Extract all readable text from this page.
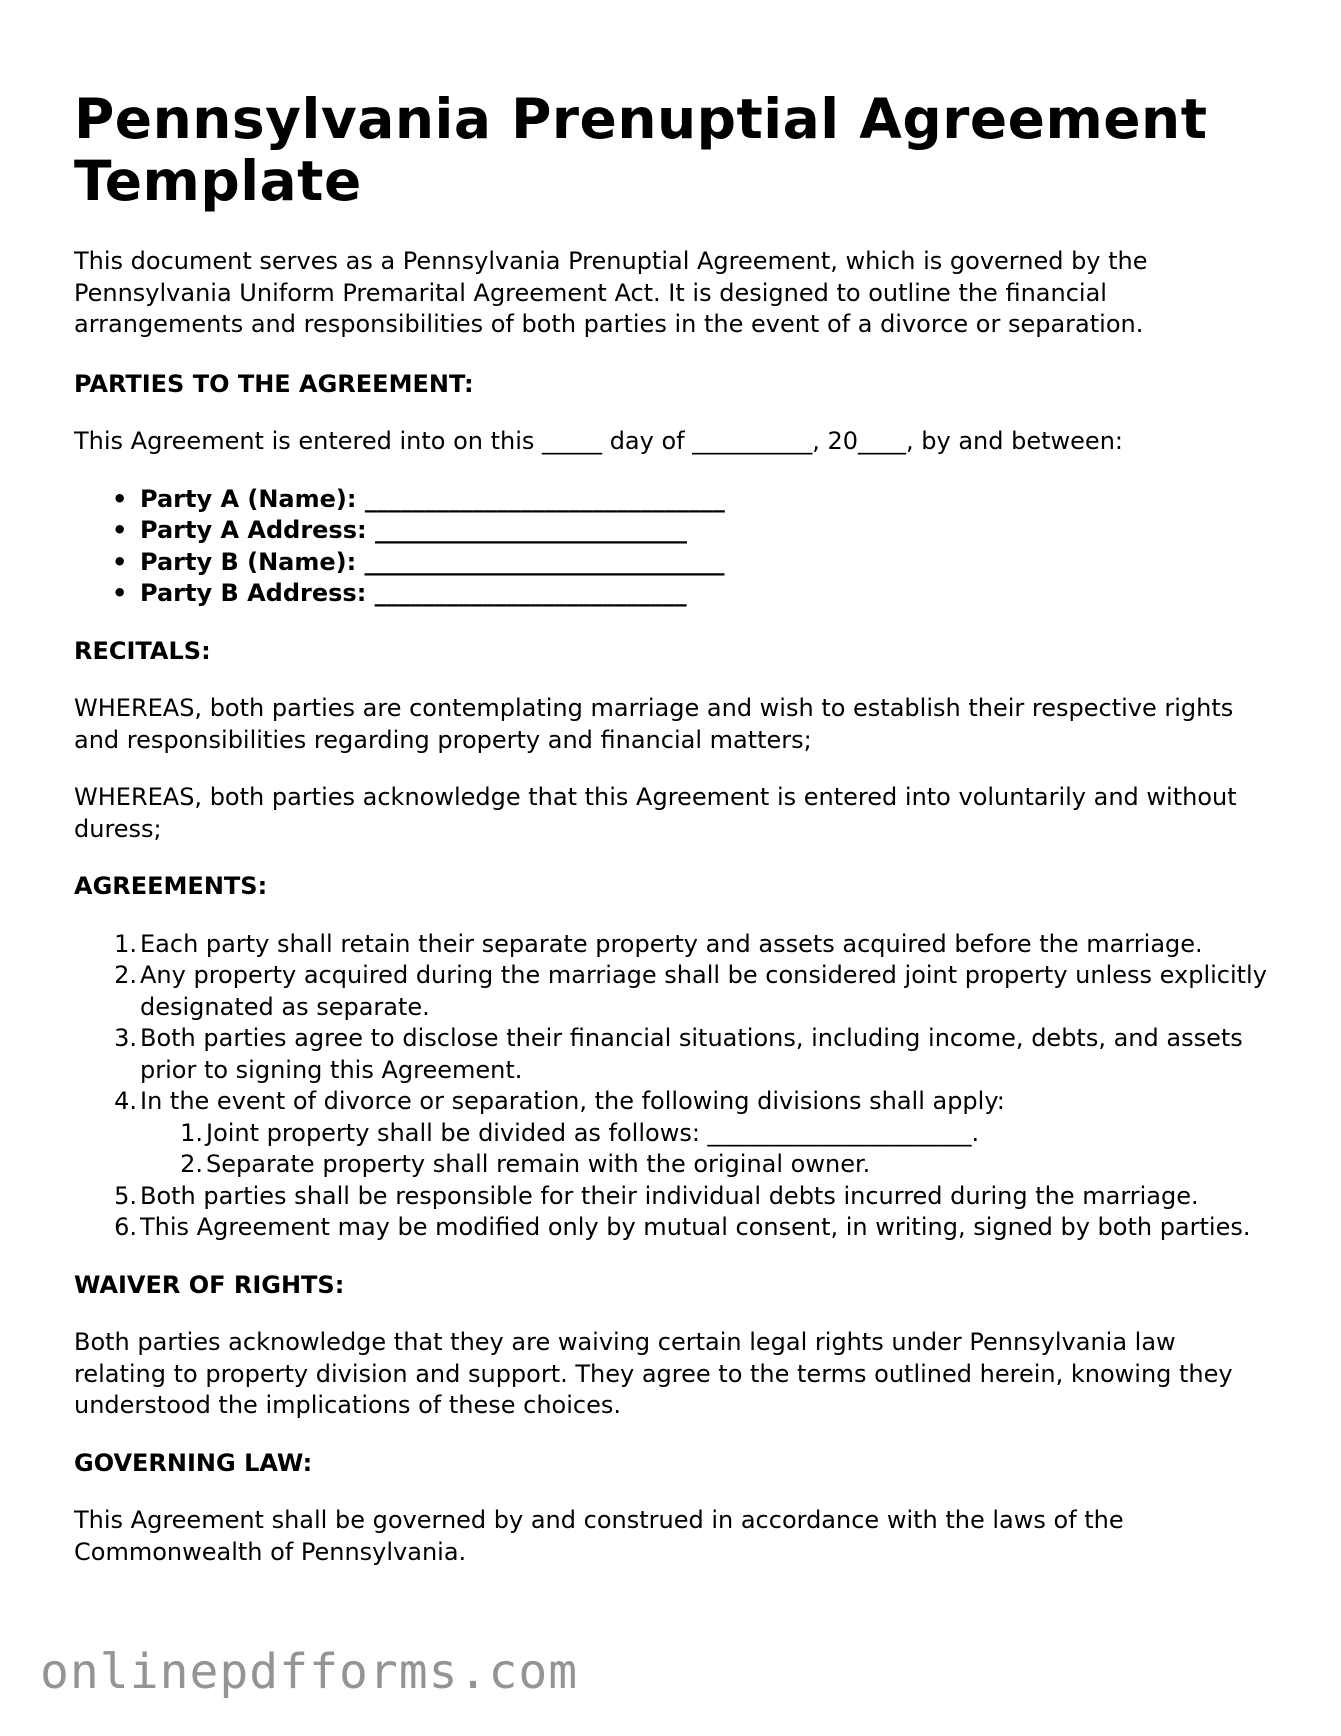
Pennsylvania Prenuptial Agreement Template

This document serves as a Pennsylvania Prenuptial Agreement, which is governed by the Pennsylvania Uniform Premarital Agreement Act. It is designed to outline the financial arrangements and responsibilities of both parties in the event of a divorce or separation.

PARTIES TO THE AGREEMENT:

This Agreement is entered into on this _____ day of __________, 20____, by and between:

• Party A (Name): ______________________________
• Party A Address: __________________________
• Party B (Name): ______________________________
• Party B Address: __________________________
RECITALS:

WHEREAS, both parties are contemplating marriage and wish to establish their respective rights and responsibilities regarding property and financial matters;

WHEREAS, both parties acknowledge that this Agreement is entered into voluntarily and without duress;

AGREEMENTS:
1. Each party shall retain their separate property and assets acquired before the marriage.
2. Any property acquired during the marriage shall be considered joint property unless explicitly designated as separate.
3. Both parties agree to disclose their financial situations, including income, debts, and assets prior to signing this Agreement.
4. In the event of divorce or separation, the following divisions shall apply:
1. Joint property shall be divided as follows: ______________________.
2. Separate property shall remain with the original owner.
5. Both parties shall be responsible for their individual debts incurred during the marriage.
6. This Agreement may be modified only by mutual consent, in writing, signed by both parties.
WAIVER OF RIGHTS:

Both parties acknowledge that they are waiving certain legal rights under Pennsylvania law relating to property division and support. They agree to the terms outlined herein, knowing they understood the implications of these choices.

GOVERNING LAW:

This Agreement shall be governed by and construed in accordance with the laws of the Commonwealth of Pennsylvania.

onlinepdfforms.com
